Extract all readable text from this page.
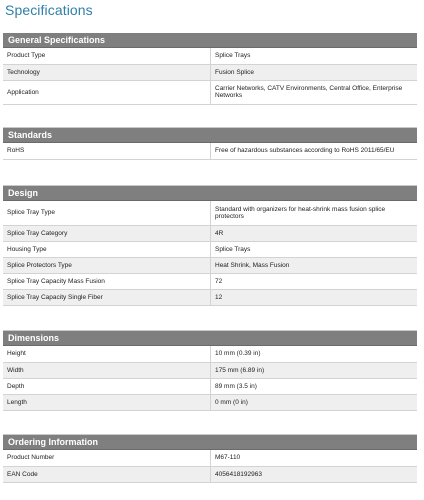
Specifications
General Specifications
Product Type	Splice Trays
Technology	Fusion Splice
Application	Carrier Networks, CATV Environments, Central Office, Enterprise Networks
Standards
RoHS	Free of hazardous substances according to RoHS 2011/65/EU
Design
Splice Tray Type	Standard with organizers for heat-shrink mass fusion splice protectors
Splice Tray Category	4R
Housing Type	Splice Trays
Splice Protectors Type	Heat Shrink, Mass Fusion
Splice Tray Capacity Mass Fusion	72
Splice Tray Capacity Single Fiber	12
Dimensions
Height	10 mm (0.39 in)
Width	175 mm (6.89 in)
Depth	89 mm (3.5 in)
Length	0 mm (0 in)
Ordering Information
Product Number	M67-110
EAN Code	4056418192963
